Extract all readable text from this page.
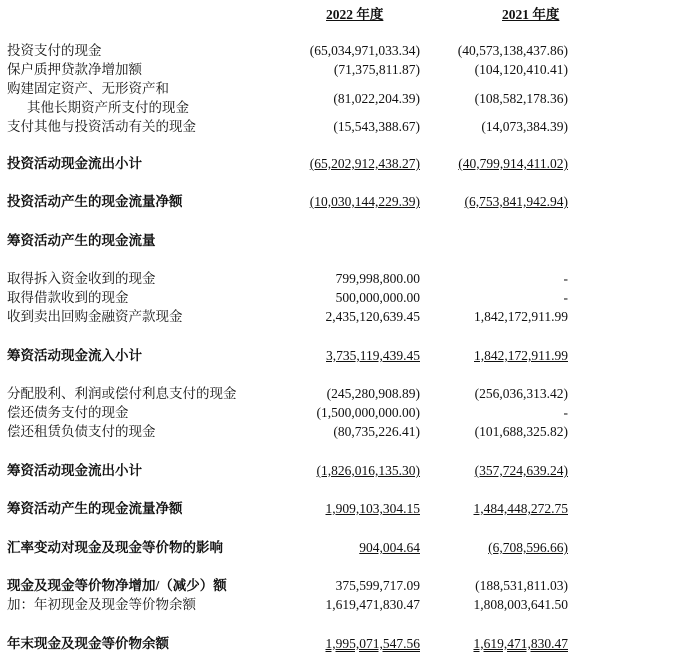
2022 年度	2021 年度
投资支付的现金	(65,034,971,033.34)	(40,573,138,437.86)
保户质押贷款净增加额	(71,375,811.87)	(104,120,410.41)
购建固定资产、无形资产和
其他长期资产所支付的现金
(81,022,204.39)	(108,582,178.36)
支付其他与投资活动有关的现金	(15,543,388.67)	(14,073,384.39)
投资活动现金流出小计	(65,202,912,438.27)	(40,799,914,411.02)
投资活动产生的现金流量净额	(10,030,144,229.39)	(6,753,841,942.94)
筹资活动产生的现金流量
取得拆入资金收到的现金	799,998,800.00	-
取得借款收到的现金	500,000,000.00	-
收到卖出回购金融资产款现金	2,435,120,639.45	1,842,172,911.99
筹资活动现金流入小计	3,735,119,439.45	1,842,172,911.99
分配股利、利润或偿付利息支付的现金	(245,280,908.89)	(256,036,313.42)
偿还债务支付的现金	(1,500,000,000.00)	-
偿还租赁负债支付的现金	(80,735,226.41)	(101,688,325.82)
筹资活动现金流出小计	(1,826,016,135.30)	(357,724,639.24)
筹资活动产生的现金流量净额	1,909,103,304.15	1,484,448,272.75
汇率变动对现金及现金等价物的影响	904,004.64	(6,708,596.66)
现金及现金等价物净增加/（减少）额	375,599,717.09	(188,531,811.03)
加：年初现金及现金等价物余额	1,619,471,830.47	1,808,003,641.50
年末现金及现金等价物余额	1,995,071,547.56	1,619,471,830.47
